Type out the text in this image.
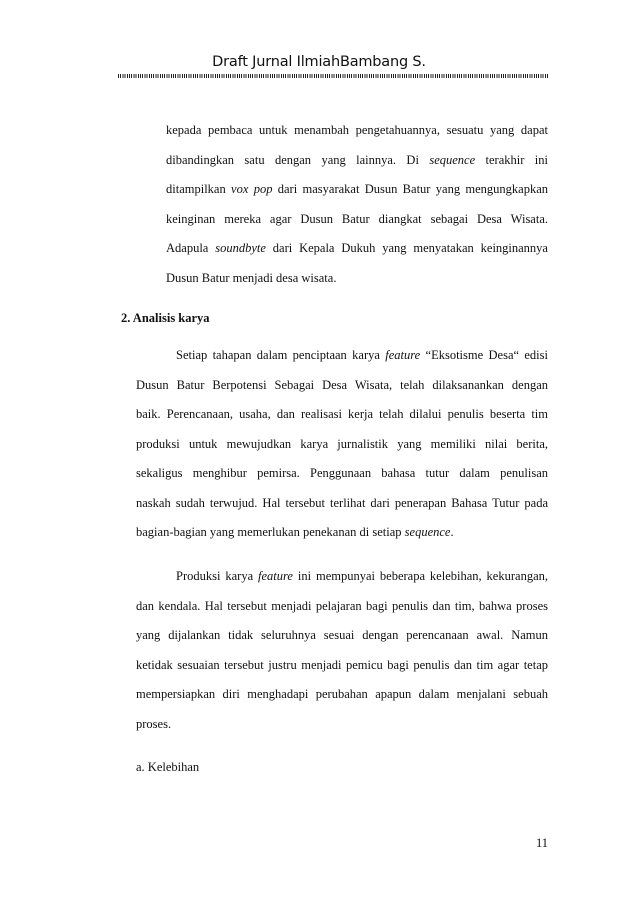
Draft Jurnal IlmiahBambang S.

kepada pembaca untuk menambah pengetahuannya, sesuatu yang dapat
dibandingkan satu dengan yang lainnya. Di sequence terakhir ini
ditampilkan vox pop dari masyarakat Dusun Batur yang mengungkapkan
keinginan mereka agar Dusun Batur diangkat sebagai Desa Wisata.
Adapula soundbyte dari Kepala Dukuh yang menyatakan keinginannya
Dusun Batur menjadi desa wisata.

2. Analisis karya

Setiap tahapan dalam penciptaan karya feature “Eksotisme Desa“ edisi
Dusun Batur Berpotensi Sebagai Desa Wisata, telah dilaksanankan dengan
baik. Perencanaan, usaha, dan realisasi kerja telah dilalui penulis beserta tim
produksi untuk mewujudkan karya jurnalistik yang memiliki nilai berita,
sekaligus menghibur pemirsa. Penggunaan bahasa tutur dalam penulisan
naskah sudah terwujud. Hal tersebut terlihat dari penerapan Bahasa Tutur pada
bagian-bagian yang memerlukan penekanan di setiap sequence.

Produksi karya feature ini mempunyai beberapa kelebihan, kekurangan,
dan kendala. Hal tersebut menjadi pelajaran bagi penulis dan tim, bahwa proses
yang dijalankan tidak seluruhnya sesuai dengan perencanaan awal. Namun
ketidak sesuaian tersebut justru menjadi pemicu bagi penulis dan tim agar tetap
mempersiapkan diri menghadapi perubahan apapun dalam menjalani sebuah
proses.

a. Kelebihan

11
